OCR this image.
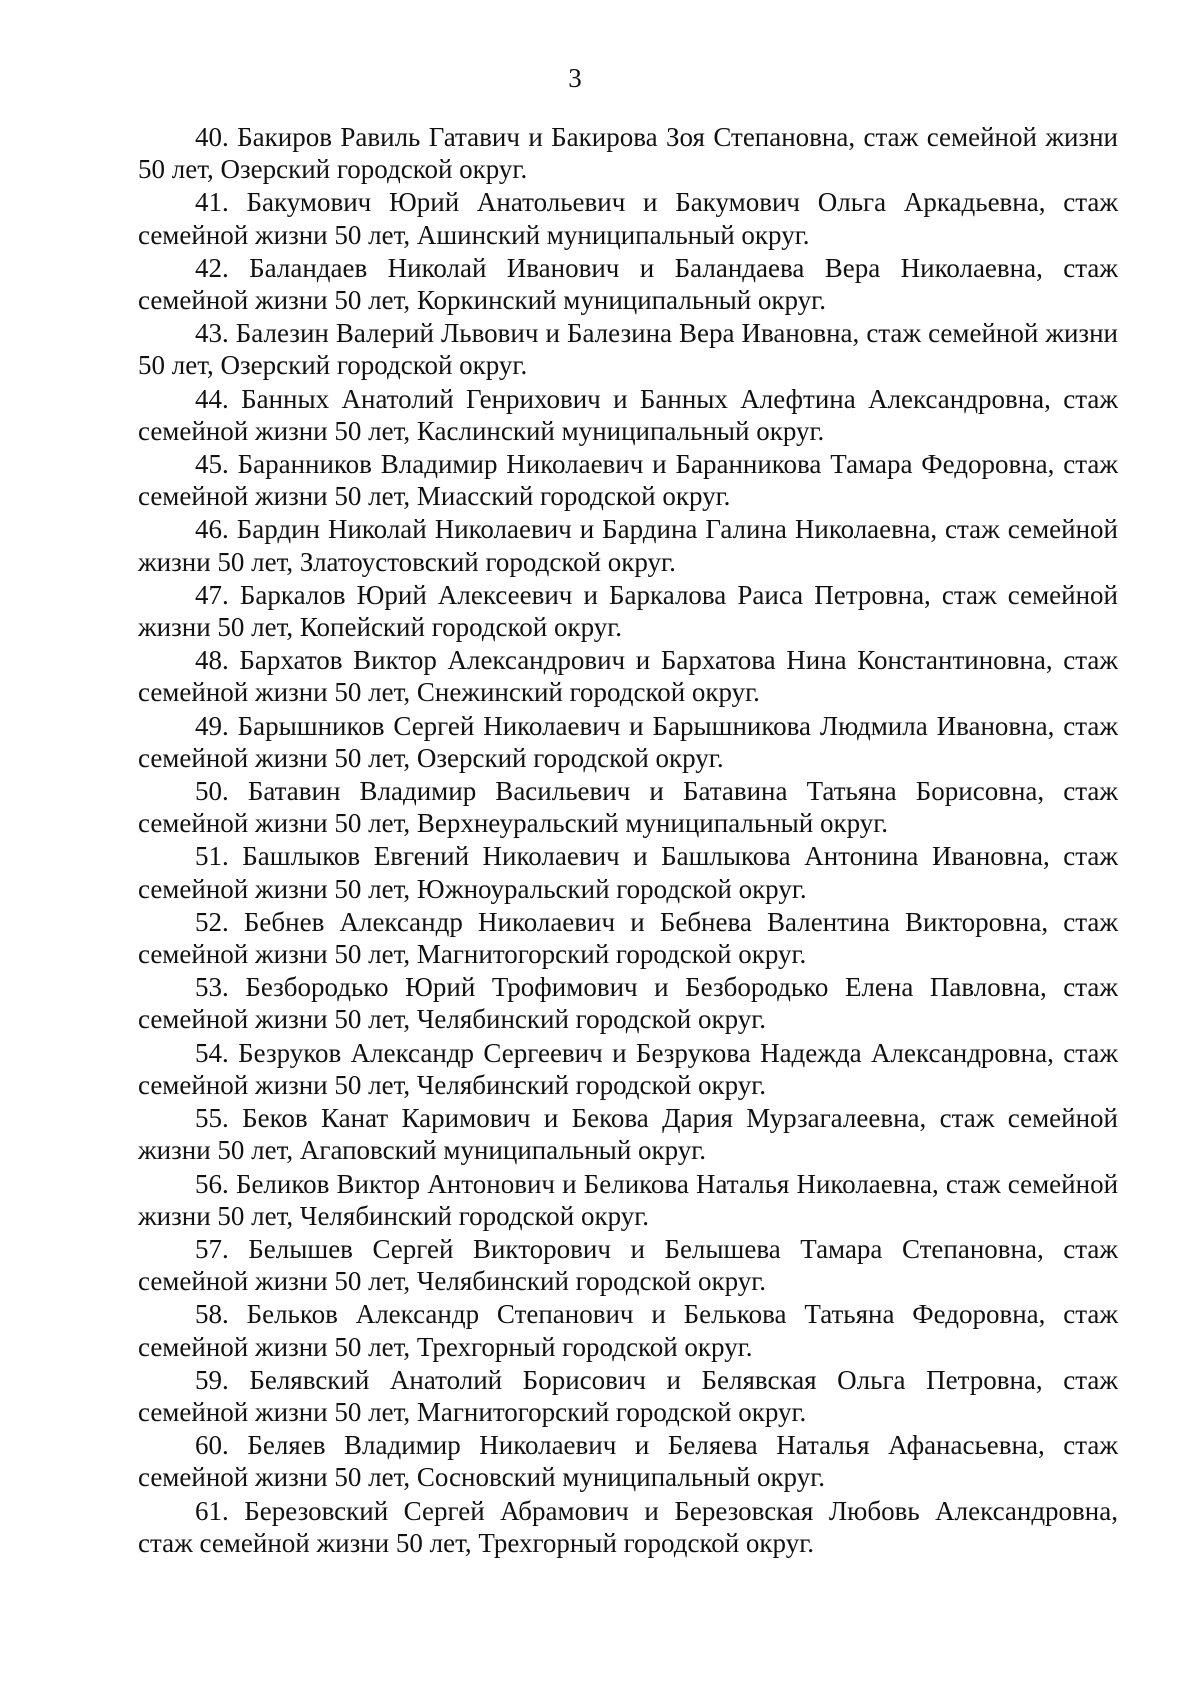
3
40. Бакиров Равиль Гатавич и Бакирова Зоя Степановна, стаж семейной жизни 50 лет, Озерский городской округ.
41. Бакумович Юрий Анатольевич и Бакумович Ольга Аркадьевна, стаж семейной жизни 50 лет, Ашинский муниципальный округ.
42. Баландаев Николай Иванович и Баландаева Вера Николаевна, стаж семейной жизни 50 лет, Коркинский муниципальный округ.
43. Балезин Валерий Львович и Балезина Вера Ивановна, стаж семейной жизни 50 лет, Озерский городской округ.
44. Банных Анатолий Генрихович и Банных Алефтина Александровна, стаж семейной жизни 50 лет, Каслинский муниципальный округ.
45. Баранников Владимир Николаевич и Баранникова Тамара Федоровна, стаж семейной жизни 50 лет, Миасский городской округ.
46. Бардин Николай Николаевич и Бардина Галина Николаевна, стаж семейной жизни 50 лет, Златоустовский городской округ.
47. Баркалов Юрий Алексеевич и Баркалова Раиса Петровна, стаж семейной жизни 50 лет, Копейский городской округ.
48. Бархатов Виктор Александрович и Бархатова Нина Константиновна, стаж семейной жизни 50 лет, Снежинский городской округ.
49. Барышников Сергей Николаевич и Барышникова Людмила Ивановна, стаж семейной жизни 50 лет, Озерский городской округ.
50. Батавин Владимир Васильевич и Батавина Татьяна Борисовна, стаж семейной жизни 50 лет, Верхнеуральский муниципальный округ.
51. Башлыков Евгений Николаевич и Башлыкова Антонина Ивановна, стаж семейной жизни 50 лет, Южноуральский городской округ.
52. Бебнев Александр Николаевич и Бебнева Валентина Викторовна, стаж семейной жизни 50 лет, Магнитогорский городской округ.
53. Безбородько Юрий Трофимович и Безбородько Елена Павловна, стаж семейной жизни 50 лет, Челябинский городской округ.
54. Безруков Александр Сергеевич и Безрукова Надежда Александровна, стаж семейной жизни 50 лет, Челябинский городской округ.
55. Беков Канат Каримович и Бекова Дария Мурзагалеевна, стаж семейной жизни 50 лет, Агаповский муниципальный округ.
56. Беликов Виктор Антонович и Беликова Наталья Николаевна, стаж семейной жизни 50 лет, Челябинский городской округ.
57. Белышев Сергей Викторович и Белышева Тамара Степановна, стаж семейной жизни 50 лет, Челябинский городской округ.
58. Бельков Александр Степанович и Белькова Татьяна Федоровна, стаж семейной жизни 50 лет, Трехгорный городской округ.
59. Белявский Анатолий Борисович и Белявская Ольга Петровна, стаж семейной жизни 50 лет, Магнитогорский городской округ.
60. Беляев Владимир Николаевич и Беляева Наталья Афанасьевна, стаж семейной жизни 50 лет, Сосновский муниципальный округ.
61. Березовский Сергей Абрамович и Березовская Любовь Александровна, стаж семейной жизни 50 лет, Трехгорный городской округ.
